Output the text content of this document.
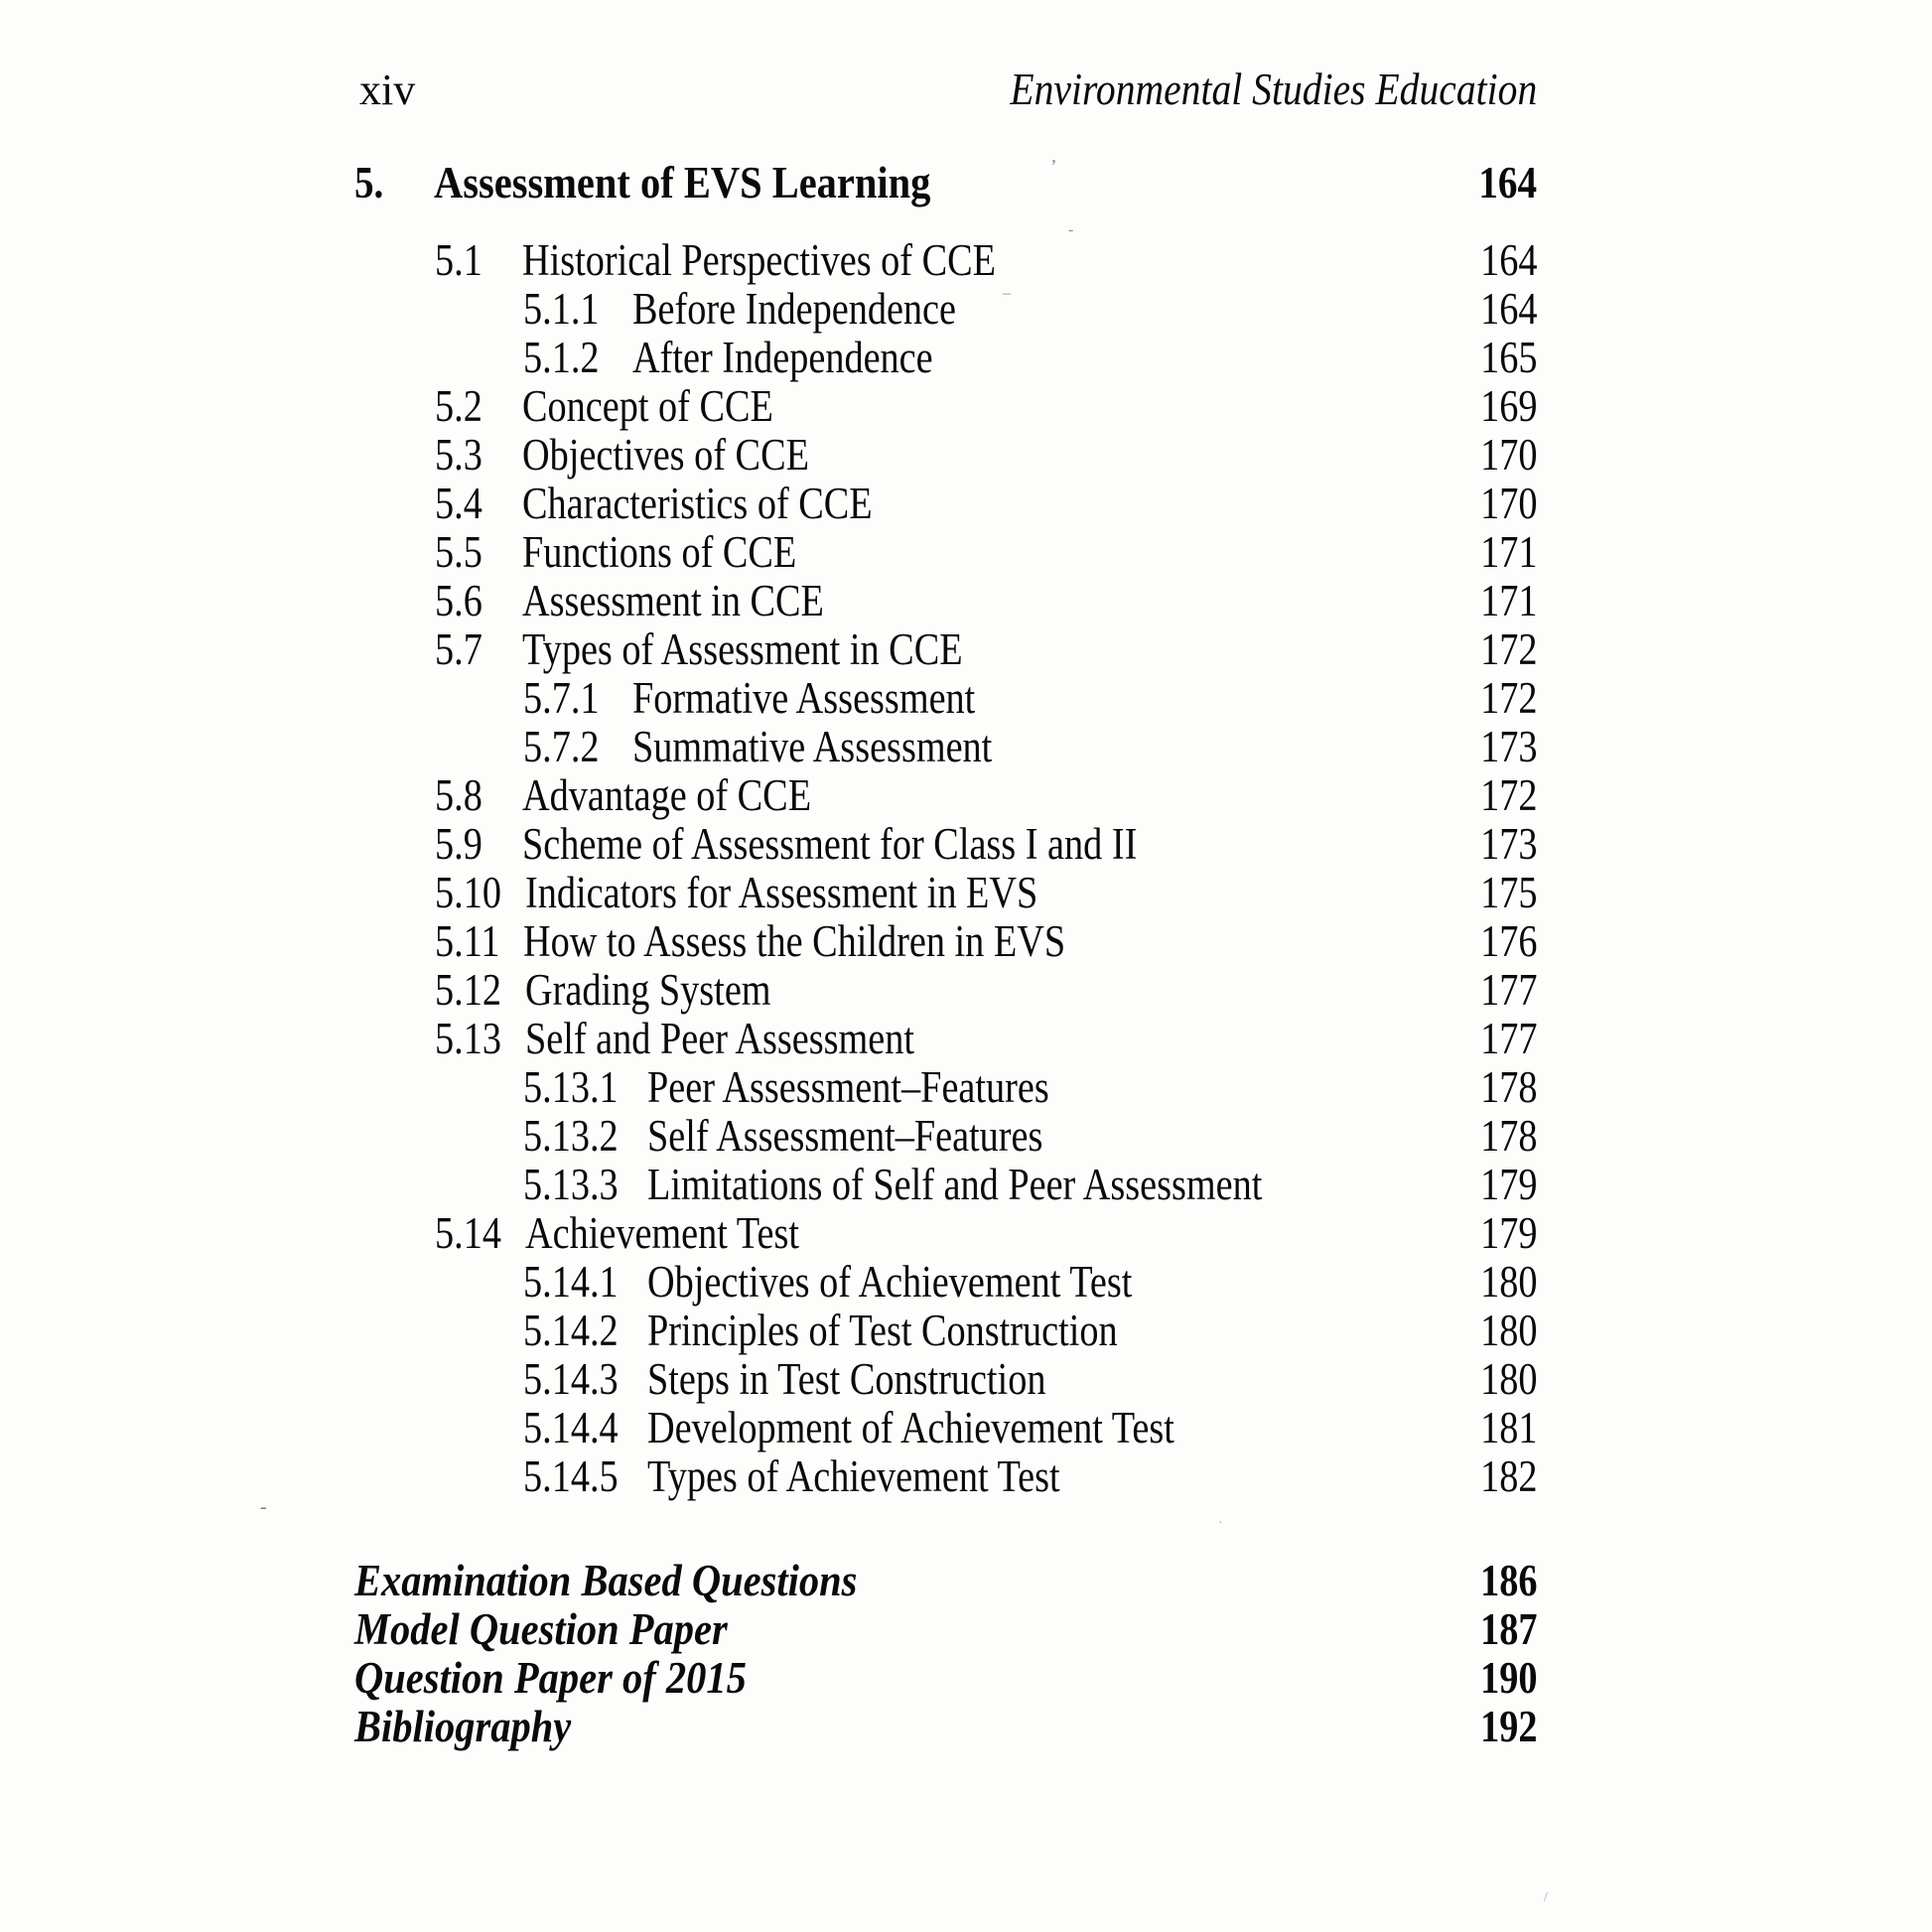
xiv	Environmental Studies Education
5.	Assessment of EVS Learning	164
5.1 Historical Perspectives of CCE	164
5.1.1 Before Independence	164
5.1.2 After Independence	165
5.2 Concept of CCE	169
5.3 Objectives of CCE	170
5.4 Characteristics of CCE	170
5.5 Functions of CCE	171
5.6 Assessment in CCE	171
5.7 Types of Assessment in CCE	172
5.7.1 Formative Assessment	172
5.7.2 Summative Assessment	173
5.8 Advantage of CCE	172
5.9 Scheme of Assessment for Class I and II	173
5.10 Indicators for Assessment in EVS	175
5.11 How to Assess the Children in EVS	176
5.12 Grading System	177
5.13 Self and Peer Assessment	177
5.13.1 Peer Assessment–Features	178
5.13.2 Self Assessment–Features	178
5.13.3 Limitations of Self and Peer Assessment	179
5.14 Achievement Test	179
5.14.1 Objectives of Achievement Test	180
5.14.2 Principles of Test Construction	180
5.14.3 Steps in Test Construction	180
5.14.4 Development of Achievement Test	181
5.14.5 Types of Achievement Test	182
Examination Based Questions	186
Model Question Paper	187
Question Paper of 2015	190
Bibliography	192
’
-
–
-
·
/
